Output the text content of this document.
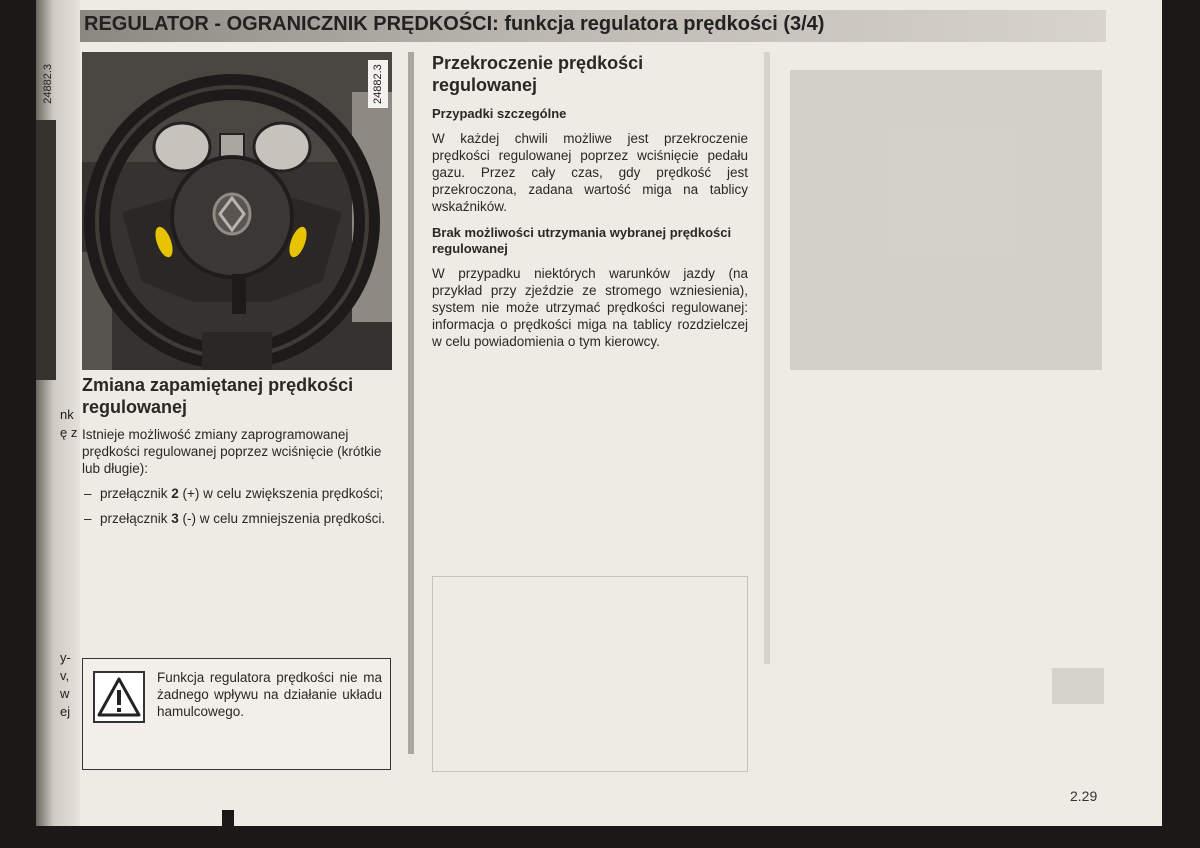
24882.3
nk
ę z
y-
v,
w
ej
REGULATOR - OGRANICZNIK PRĘDKOŚCI: funkcja regulatora prędkości (3/4)
24882.3
Zmiana zapamiętanej prędkości regulowanej
Istnieje możliwość zmiany zaprogramowanej prędkości regulowanej poprzez wciśnięcie (krótkie lub długie):
– przełącznik 2 (+) w celu zwiększenia prędkości;
– przełącznik 3 (-) w celu zmniejszenia prędkości.
Funkcja regulatora prędkości nie ma żadnego wpływu na działanie układu hamulcowego.
Przekroczenie prędkości regulowanej
Przypadki szczególne

W każdej chwili możliwe jest przekroczenie prędkości regulowanej poprzez wciśnięcie pedału gazu. Przez cały czas, gdy prędkość jest przekroczona, zadana wartość miga na tablicy wskaźników.

Brak możliwości utrzymania wybranej prędkości regulowanej

W przypadku niektórych warunków jazdy (na przykład przy zjeździe ze stromego wzniesienia), system nie może utrzymać prędkości regulowanej: informacja o prędkości miga na tablicy rozdzielczej w celu powiadomienia o tym kierowcy.

2.29
